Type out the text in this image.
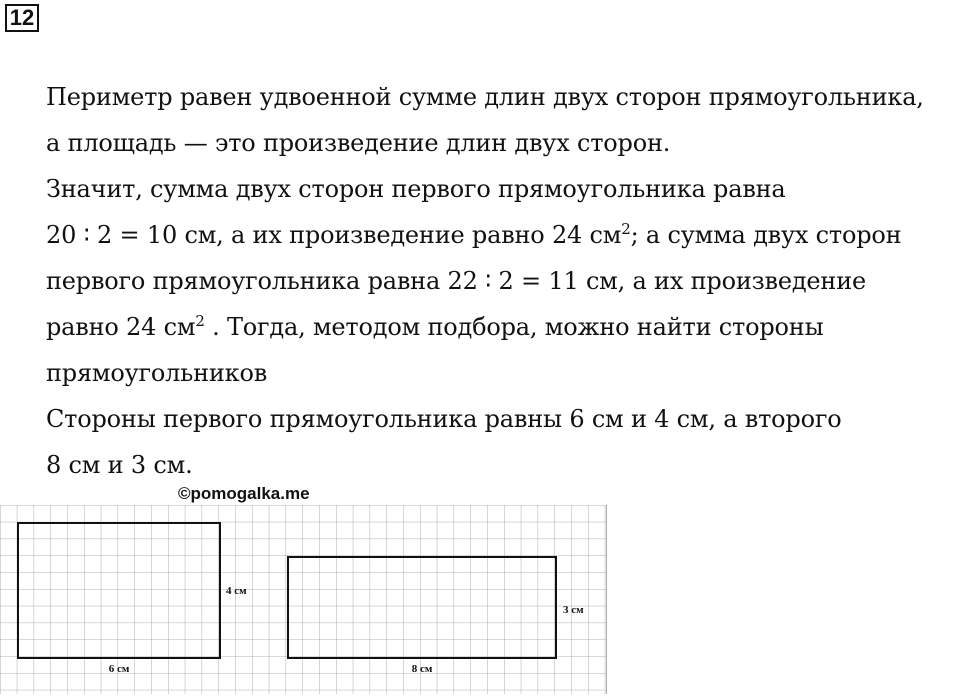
12
Периметр равен удвоенной сумме длин двух сторон прямоугольника,
а площадь — это произведение длин двух сторон.
Значит, сумма двух сторон первого прямоугольника равна
20 ∶ 2 = 10 см, а их произведение равно 24 $см^2$; а сумма двух сторон
первого прямоугольника равна 22 ∶ 2 = 11 см, а их произведение
равно 24 $см^2$ . Тогда, методом подбора, можно найти стороны
прямоугольников
Стороны первого прямоугольника равны 6 см и 4 см, а второго
8 см и 3 см.
©pomogalka.me
6 см
4 см
8 см
3 см
